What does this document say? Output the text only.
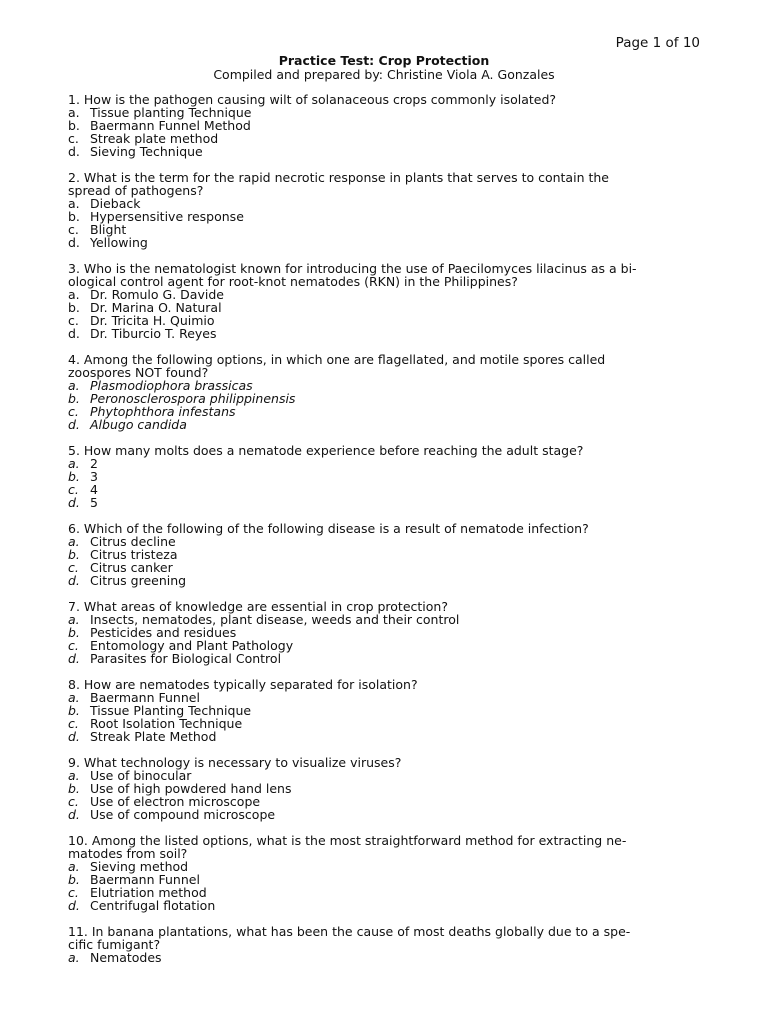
Page 1 of 10

Practice Test: Crop Protection

Compiled and prepared by: Christine Viola A. Gonzales

1. How is the pathogen causing wilt of solanaceous crops commonly isolated?

a. Tissue planting Technique
b. Baermann Funnel Method
c. Streak plate method
d. Sieving Technique

2. What is the term for the rapid necrotic response in plants that serves to contain the

spread of pathogens?

a. Dieback
b. Hypersensitive response
c. Blight
d. Yellowing

3. Who is the nematologist known for introducing the use of Paecilomyces lilacinus as a bi-

ological control agent for root-knot nematodes (RKN) in the Philippines?

a. Dr. Romulo G. Davide
b. Dr. Marina O. Natural
c. Dr. Tricita H. Quimio
d. Dr. Tiburcio T. Reyes

4. Among the following options, in which one are flagellated, and motile spores called

zoospores NOT found?

a. Plasmodiophora brassicas
b. Peronosclerospora philippinensis
c. Phytophthora infestans
d. Albugo candida

5. How many molts does a nematode experience before reaching the adult stage?

a. 2
b. 3
c. 4
d. 5

6. Which of the following of the following disease is a result of nematode infection?

a. Citrus decline
b. Citrus tristeza
c. Citrus canker
d. Citrus greening

7. What areas of knowledge are essential in crop protection?

a. Insects, nematodes, plant disease, weeds and their control
b. Pesticides and residues
c. Entomology and Plant Pathology
d. Parasites for Biological Control

8. How are nematodes typically separated for isolation?

a. Baermann Funnel
b. Tissue Planting Technique
c. Root Isolation Technique
d. Streak Plate Method

9. What technology is necessary to visualize viruses?

a. Use of binocular
b. Use of high powdered hand lens
c. Use of electron microscope
d. Use of compound microscope

10. Among the listed options, what is the most straightforward method for extracting ne-

matodes from soil?

a. Sieving method
b. Baermann Funnel
c. Elutriation method
d. Centrifugal flotation

11. In banana plantations, what has been the cause of most deaths globally due to a spe-

cific fumigant?

a. Nematodes
